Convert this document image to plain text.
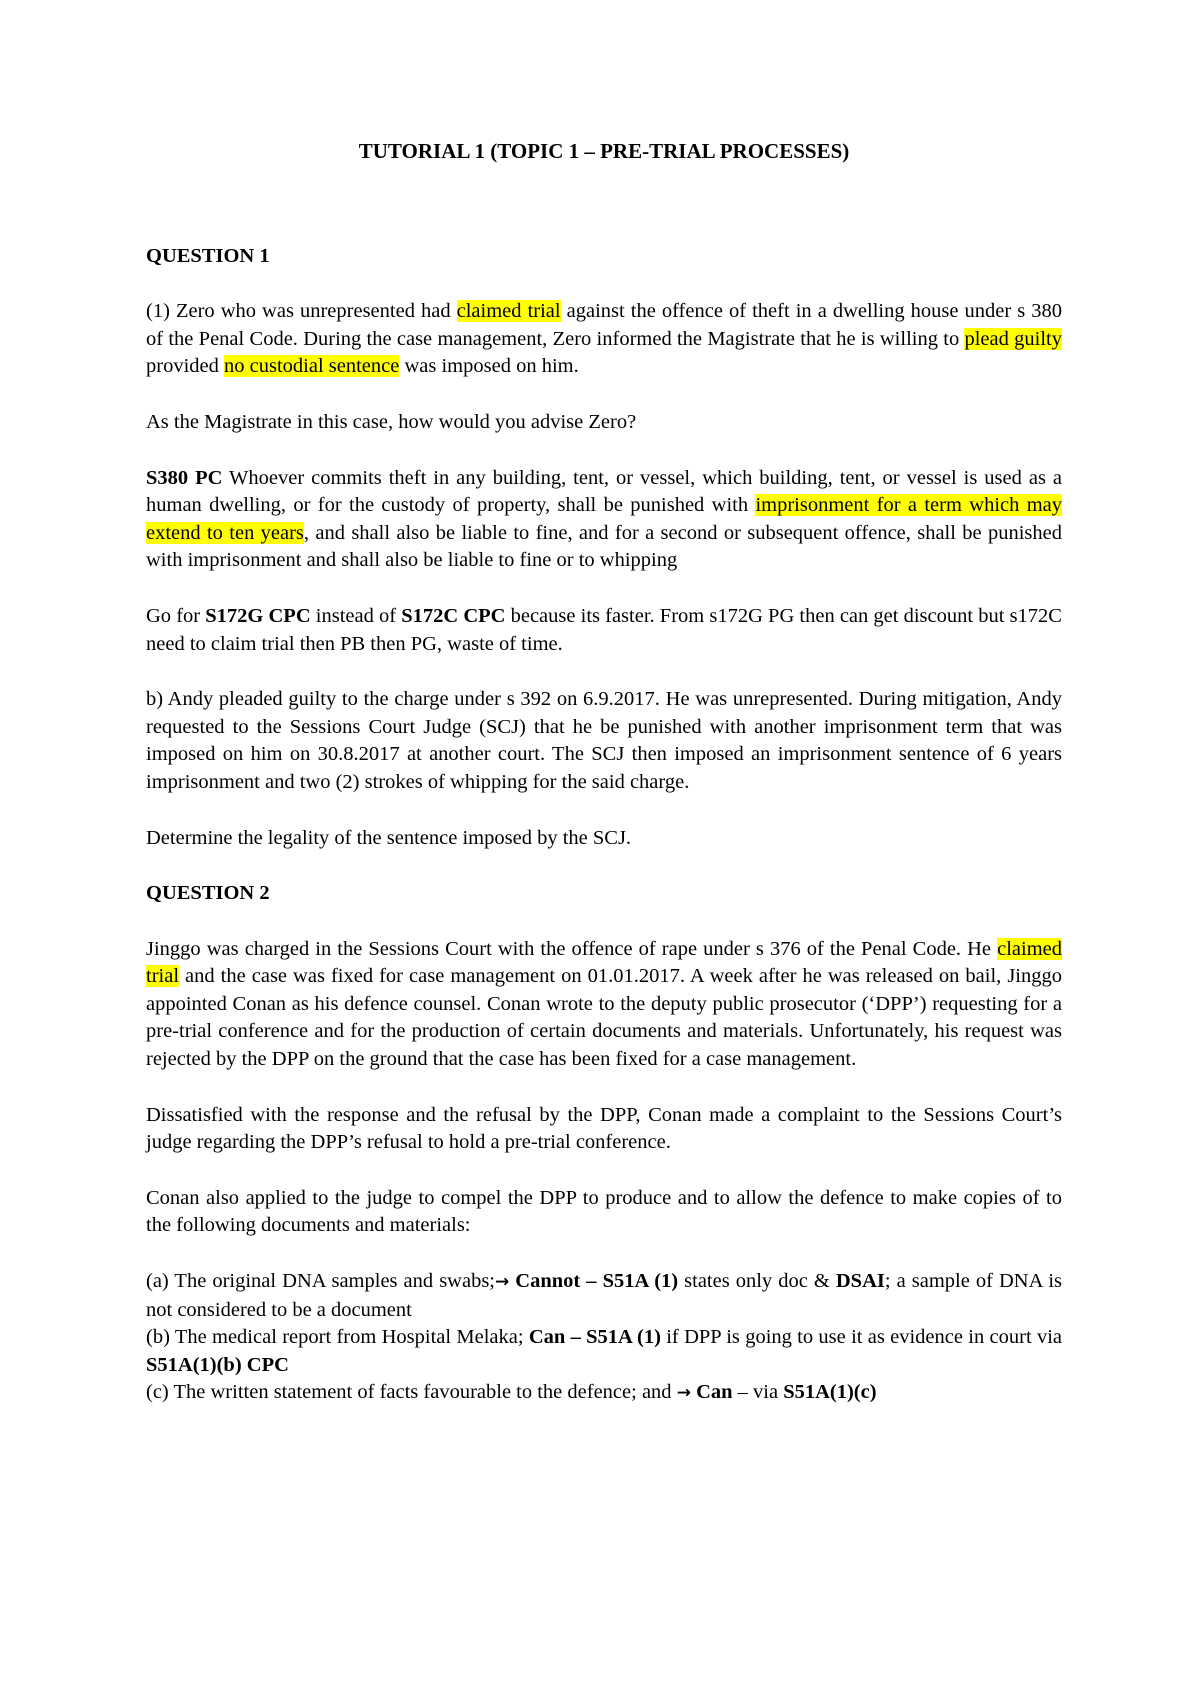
TUTORIAL 1 (TOPIC 1 – PRE-TRIAL PROCESSES)
QUESTION 1

(1) Zero who was unrepresented had claimed trial against the offence of theft in a dwelling house under s 380 of the Penal Code. During the case management, Zero informed the Magistrate that he is willing to plead guilty provided no custodial sentence was imposed on him.

As the Magistrate in this case, how would you advise Zero?

S380 PC Whoever commits theft in any building, tent, or vessel, which building, tent, or vessel is used as a human dwelling, or for the custody of property, shall be punished with imprisonment for a term which may extend to ten years, and shall also be liable to fine, and for a second or subsequent offence, shall be punished with imprisonment and shall also be liable to fine or to whipping

Go for S172G CPC instead of S172C CPC because its faster. From s172G PG then can get discount but s172C need to claim trial then PB then PG, waste of time.

b) Andy pleaded guilty to the charge under s 392 on 6.9.2017. He was unrepresented. During mitigation, Andy requested to the Sessions Court Judge (SCJ) that he be punished with another imprisonment term that was imposed on him on 30.8.2017 at another court. The SCJ then imposed an imprisonment sentence of 6 years imprisonment and two (2) strokes of whipping for the said charge.

Determine the legality of the sentence imposed by the SCJ.

QUESTION 2

Jinggo was charged in the Sessions Court with the offence of rape under s 376 of the Penal Code. He claimed trial and the case was fixed for case management on 01.01.2017. A week after he was released on bail, Jinggo appointed Conan as his defence counsel. Conan wrote to the deputy public prosecutor (‘DPP’) requesting for a pre-trial conference and for the production of certain documents and materials. Unfortunately, his request was rejected by the DPP on the ground that the case has been fixed for a case management.

Dissatisfied with the response and the refusal by the DPP, Conan made a complaint to the Sessions Court’s judge regarding the DPP’s refusal to hold a pre-trial conference.

Conan also applied to the judge to compel the DPP to produce and to allow the defence to make copies of to the following documents and materials:

(a) The original DNA samples and swabs;→ Cannot – S51A (1) states only doc & DSAI; a sample of DNA is not considered to be a document

(b) The medical report from Hospital Melaka; Can – S51A (1) if DPP is going to use it as evidence in court via S51A(1)(b) CPC

(c) The written statement of facts favourable to the defence; and → Can – via S51A(1)(c)
